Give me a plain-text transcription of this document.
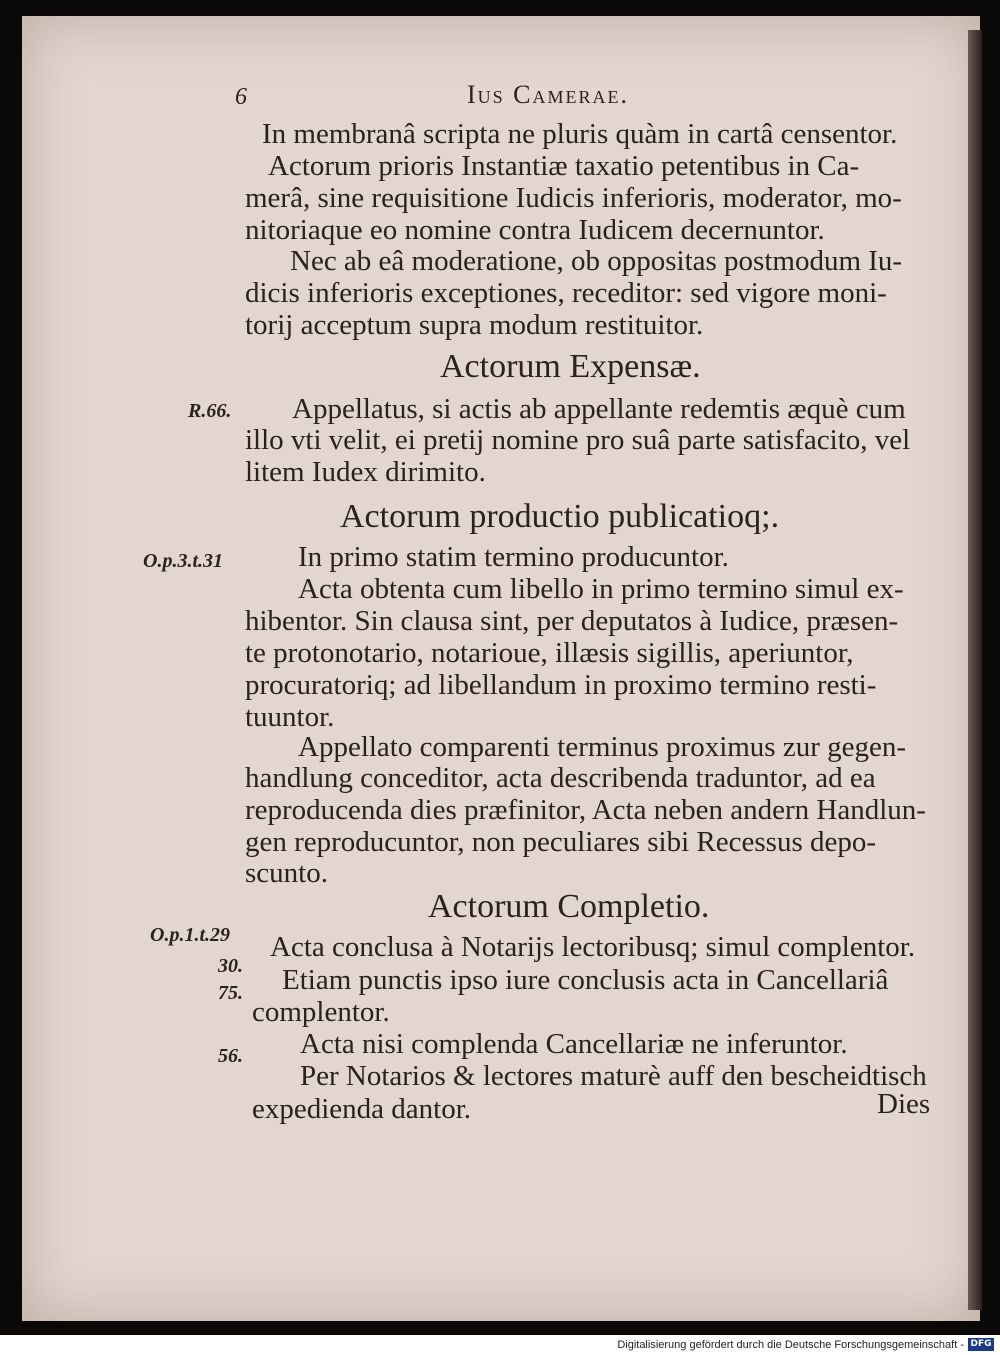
6	Ius Camerae.
In membranâ scripta ne pluris quàm in cartâ censentor.
Actorum prioris Instantiæ taxatio petentibus in Ca-
merâ, sine requisitione Iudicis inferioris, moderator, mo-
nitoriaque eo nomine contra Iudicem decernuntor.
Nec ab eâ moderatione, ob oppositas postmodum Iu-
dicis inferioris exceptiones, receditor: sed vigore moni-
torij acceptum supra modum restituitor.
Actorum Expensæ.
R.66. Appellatus, si actis ab appellante redemtis æquè cum
illo vti velit, ei pretij nomine pro suâ parte satisfacito, vel
litem Iudex dirimito.
Actorum productio publicatioq;.
O.p.3.t.31	In primo statim termino producuntor.
Acta obtenta cum libello in primo termino simul ex-
hibentor. Sin clausa sint, per deputatos à Iudice, præsen-
te protonotario, notarioue, illæsis sigillis, aperiuntor,
procuratoriq; ad libellandum in proximo termino resti-
tuuntor.
Appellato comparenti terminus proximus zur gegen-
handlung conceditor, acta describenda traduntor, ad ea
reproducenda dies præfinitor, Acta neben andern Handlun-
gen reproducuntor, non peculiares sibi Recessus depo-
scunto.
Actorum Completio.
O.p.1.t.29
30.
75.
56.
Acta conclusa à Notarijs lectoribusq; simul complentor.
Etiam punctis ipso iure conclusis acta in Cancellariâ
complentor.
Acta nisi complenda Cancellariæ ne inferuntor.
Per Notarios & lectores maturè auff den bescheidtisch
expedienda dantor.	Dies
Digitalisierung gefördert durch die Deutsche Forschungsgemeinschaft - DFG
